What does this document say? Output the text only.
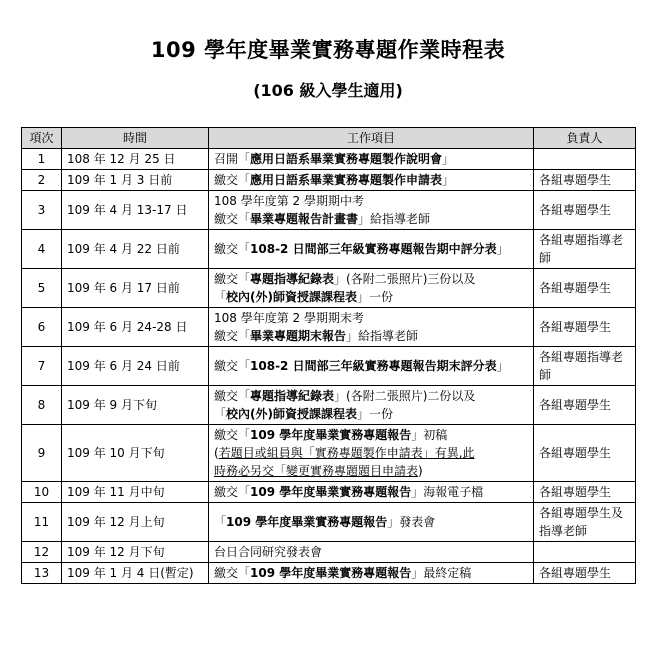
109 學年度畢業實務專題作業時程表
(106 級入學生適用)
項次	時間	工作項目	負責人
1	108 年 12 月 25 日	召開「應用日語系畢業實務專題製作說明會」	

2	109 年 1 月 3 日前	繳交「應用日語系畢業實務專題製作申請表」	各組專題學生
3	109 年 4 月 13-17 日	108 學年度第 2 學期期中考
繳交「畢業專題報告計畫書」給指導老師	各組專題學生
4	109 年 4 月 22 日前	繳交「108-2 日間部三年級實務專題報告期中評分表」	各組專題指導老師
5	109 年 6 月 17 日前	繳交「專題指導紀錄表」(各附二張照片)三份以及
「校內(外)師資授課課程表」一份	各組專題學生
6	109 年 6 月 24-28 日	108 學年度第 2 學期期末考
繳交「畢業專題期末報告」給指導老師	各組專題學生
7	109 年 6 月 24 日前	繳交「108-2 日間部三年級實務專題報告期末評分表」	各組專題指導老師
8	109 年 9 月下旬	繳交「專題指導紀錄表」(各附二張照片)二份以及
「校內(外)師資授課課程表」一份	各組專題學生
9	109 年 10 月下旬	繳交「109 學年度畢業實務專題報告」初稿
(若題目或組員與「實務專題製作申請表」有異,此
時務必另交「變更實務專題題目申請表)	各組專題學生
10	109 年 11 月中旬	繳交「109 學年度畢業實務專題報告」海報電子檔	各組專題學生
11	109 年 12 月上旬	「109 學年度畢業實務專題報告」發表會	各組專題學生及指導老師
12	109 年 12 月下旬	台日合同研究發表會	

13	109 年 1 月 4 日(暫定)	繳交「109 學年度畢業實務專題報告」最終定稿	各組專題學生
